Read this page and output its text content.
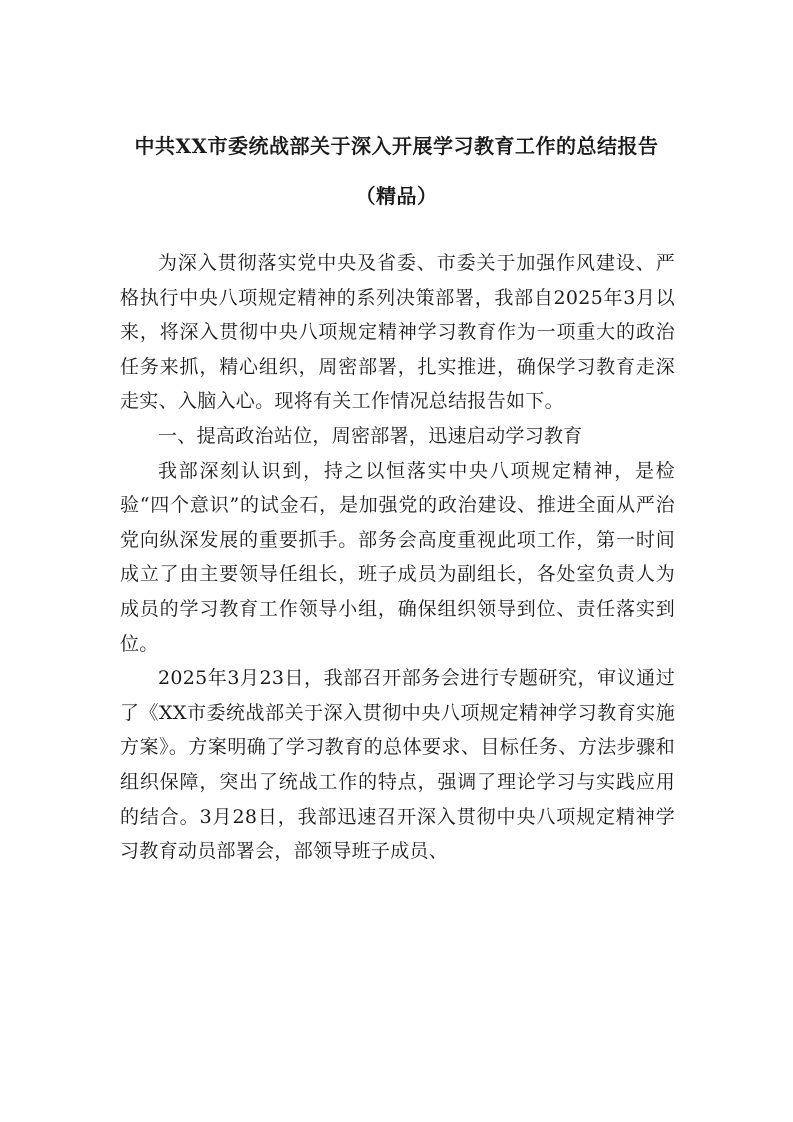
中共XX市委统战部关于深入开展学习教育工作的总结报告
（精品）

为深入贯彻落实党中央及省委、市委关于加强作风建设、严格执行中央八项规定精神的系列决策部署，我部自2025年3月以来，将深入贯彻中央八项规定精神学习教育作为一项重大的政治任务来抓，精心组织，周密部署，扎实推进，确保学习教育走深走实、入脑入心。现将有关工作情况总结报告如下。

一、提高政治站位，周密部署，迅速启动学习教育

我部深刻认识到，持之以恒落实中央八项规定精神，是检验“四个意识”的试金石，是加强党的政治建设、推进全面从严治党向纵深发展的重要抓手。部务会高度重视此项工作，第一时间成立了由主要领导任组长，班子成员为副组长，各处室负责人为成员的学习教育工作领导小组，确保组织领导到位、责任落实到位。

2025年3月23日，我部召开部务会进行专题研究，审议通过了《XX市委统战部关于深入贯彻中央八项规定精神学习教育实施方案》。方案明确了学习教育的总体要求、目标任务、方法步骤和组织保障，突出了统战工作的特点，强调了理论学习与实践应用的结合。3月28日，我部迅速召开深入贯彻中央八项规定精神学习教育动员部署会，部领导班子成员、
